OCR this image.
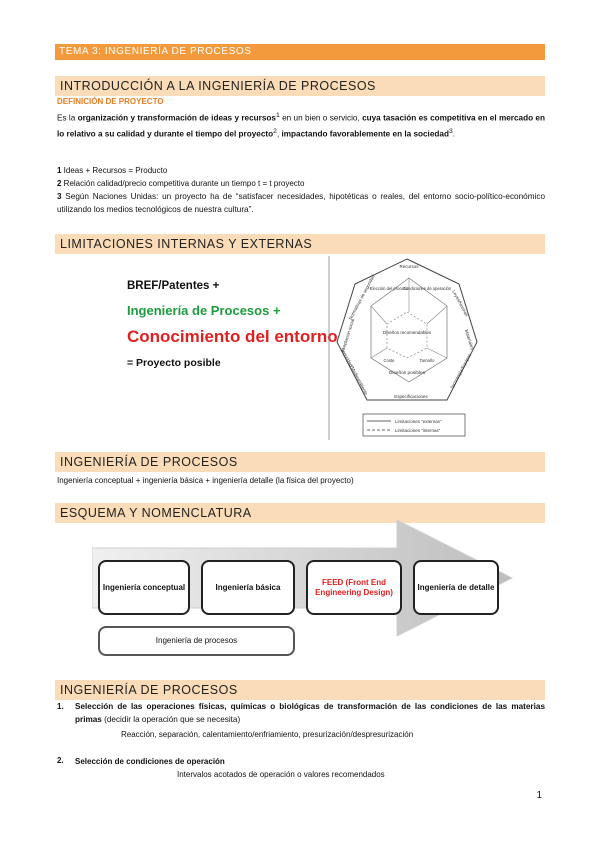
TEMA 3: INGENIERÍA DE PROCESOS
INTRODUCCIÓN A LA INGENIERÍA DE PROCESOS
DEFINICIÓN DE PROYECTO
Es la organización y transformación de ideas y recursos$^1$ en un bien o servicio, cuya tasación es competitiva en el mercado en lo relativo a su calidad y durante el tiempo del proyecto$^2$, impactando favorablemente en la sociedad$^3$.
1 Ideas + Recursos = Producto
2 Relación calidad/precio competitiva durante un tiempo t = t proyecto
3 Según Naciones Unidas: un proyecto ha de “satisfacer necesidades, hipotéticas o reales, del entorno socio-político-económico utilizando los medios tecnológicos de nuestra cultura”.
LIMITACIONES INTERNAS Y EXTERNAS
BREF/Patentes +
Ingeniería de Procesos +
Conocimiento del entorno
= Proyecto posible
Recursos
Leyes/Normas
Materiales
Tecnología/Equipos
Especificaciones
Seguridad/Medioambiente
Aceptación social
Normativas de seguridad
Elección del proceso
Condiciones de operación
Diseños recomendables
Diseños posibles
Tamaño
Coste
Limitaciones “externas”
Limitaciones “internas”
INGENIERÍA DE PROCESOS
Ingeniería conceptual + ingeniería básica + ingeniería detalle (la física del proyecto)
ESQUEMA Y NOMENCLATURA
Ingeniería conceptual	Ingeniería básica
FEED (Front End Engineering Design)
Ingeniería de detalle
Ingeniería de procesos
INGENIERÍA DE PROCESOS
1. Selección de las operaciones físicas, químicas o biológicas de transformación de las condiciones de las materias primas (decidir la operación que se necesita)
Reacción, separación, calentamiento/enfriamiento, presurización/despresurización
2. Selección de condiciones de operación
Intervalos acotados de operación o valores recomendados
1
